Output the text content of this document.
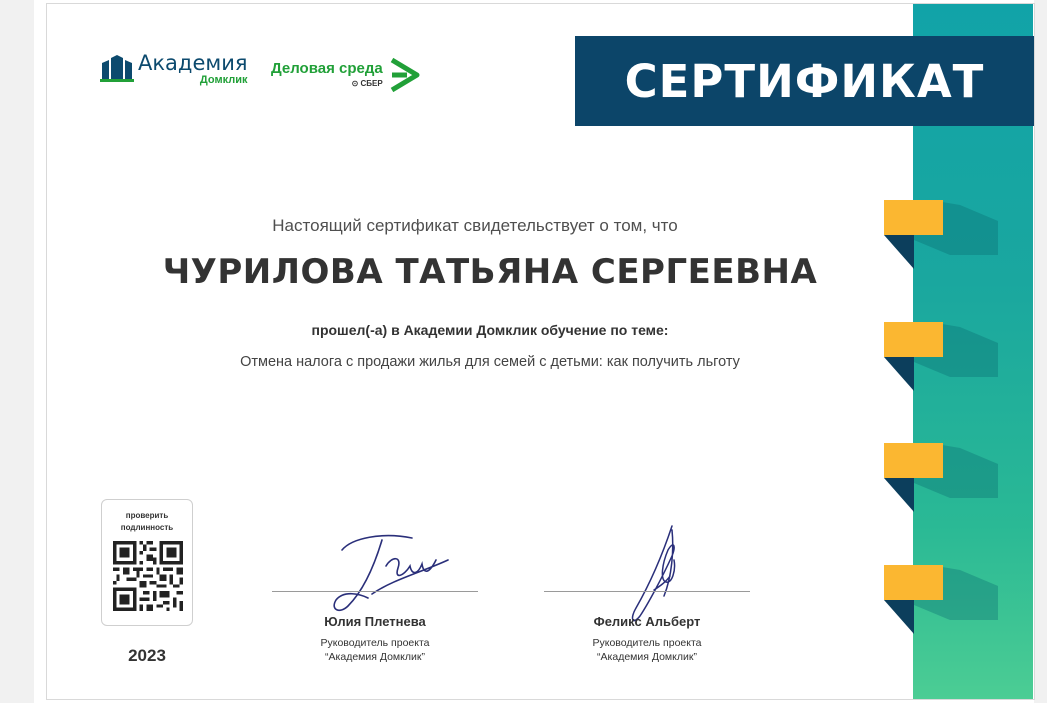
СЕРТИФИКАТ
Академия
Домклик
Деловая среда
⊙ СБЕР
Настоящий сертификат свидетельствует о том, что
ЧУРИЛОВА ТАТЬЯНА СЕРГЕЕВНА
прошел(-а) в Академии Домклик обучение по теме:
Отмена налога с продажи жилья для семей с детьми: как получить льготу
проверить
подлинность
2023
Юлия Плетнева
Руководитель проекта
“Академия Домклик”
Феликс Альберт
Руководитель проекта
“Академия Домклик”
